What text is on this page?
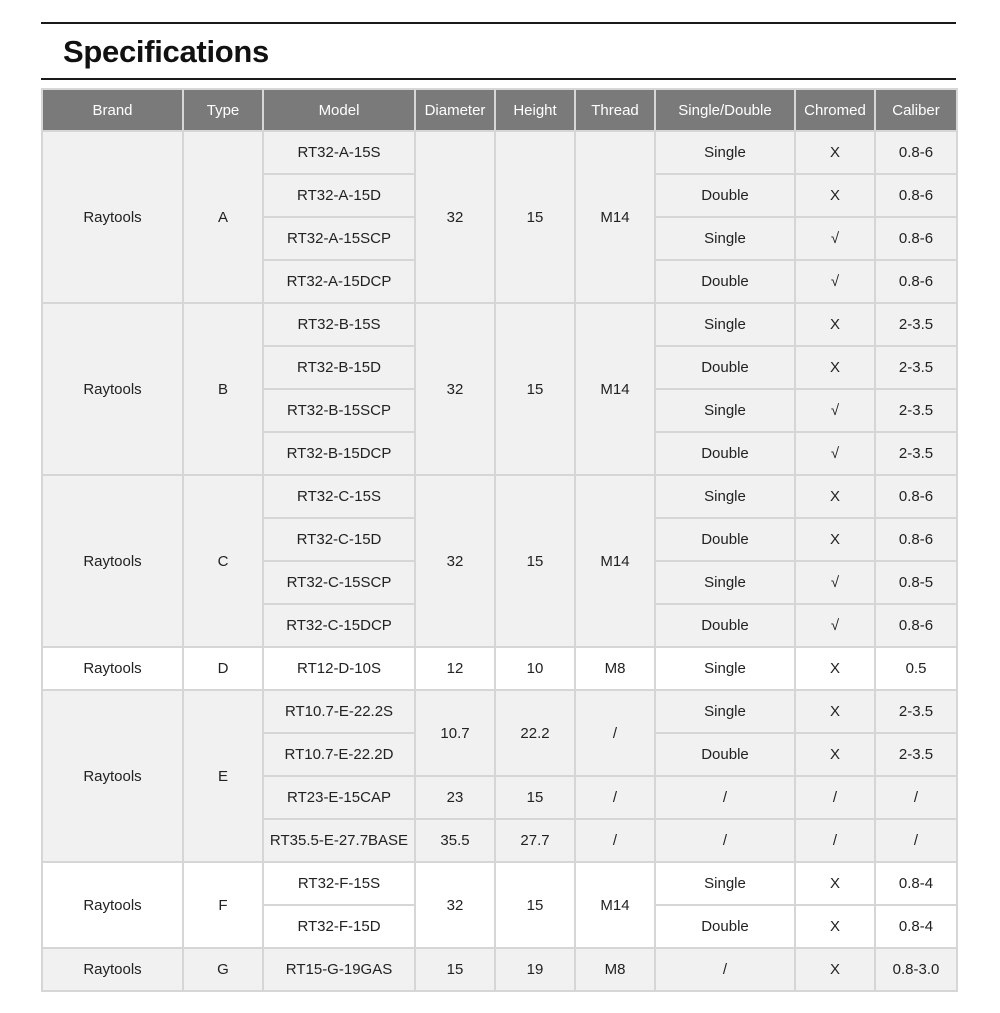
Specifications
Brand	Type	Model	Diameter	Height	Thread	Single/Double	Chromed	Caliber
Raytools	A	RT32-A-15S	32	15	M14	Single	X	0.8-6
		RT32-A-15D				Double	X	0.8-6
		RT32-A-15SCP				Single	√	0.8-6
		RT32-A-15DCP				Double	√	0.8-6
Raytools	B	RT32-B-15S	32	15	M14	Single	X	2-3.5
		RT32-B-15D				Double	X	2-3.5
		RT32-B-15SCP				Single	√	2-3.5
		RT32-B-15DCP				Double	√	2-3.5
Raytools	C	RT32-C-15S	32	15	M14	Single	X	0.8-6
		RT32-C-15D				Double	X	0.8-6
		RT32-C-15SCP				Single	√	0.8-5
		RT32-C-15DCP				Double	√	0.8-6
Raytools	D	RT12-D-10S	12	10	M8	Single	X	0.5
Raytools	E	RT10.7-E-22.2S	10.7	22.2	/	Single	X	2-3.5
		RT10.7-E-22.2D				Double	X	2-3.5
		RT23-E-15CAP	23	15	/	/	/	/
		RT35.5-E-27.7BASE	35.5	27.7	/	/	/	/
Raytools	F	RT32-F-15S	32	15	M14	Single	X	0.8-4
		RT32-F-15D				Double	X	0.8-4
Raytools	G	RT15-G-19GAS	15	19	M8	/	X	0.8-3.0
